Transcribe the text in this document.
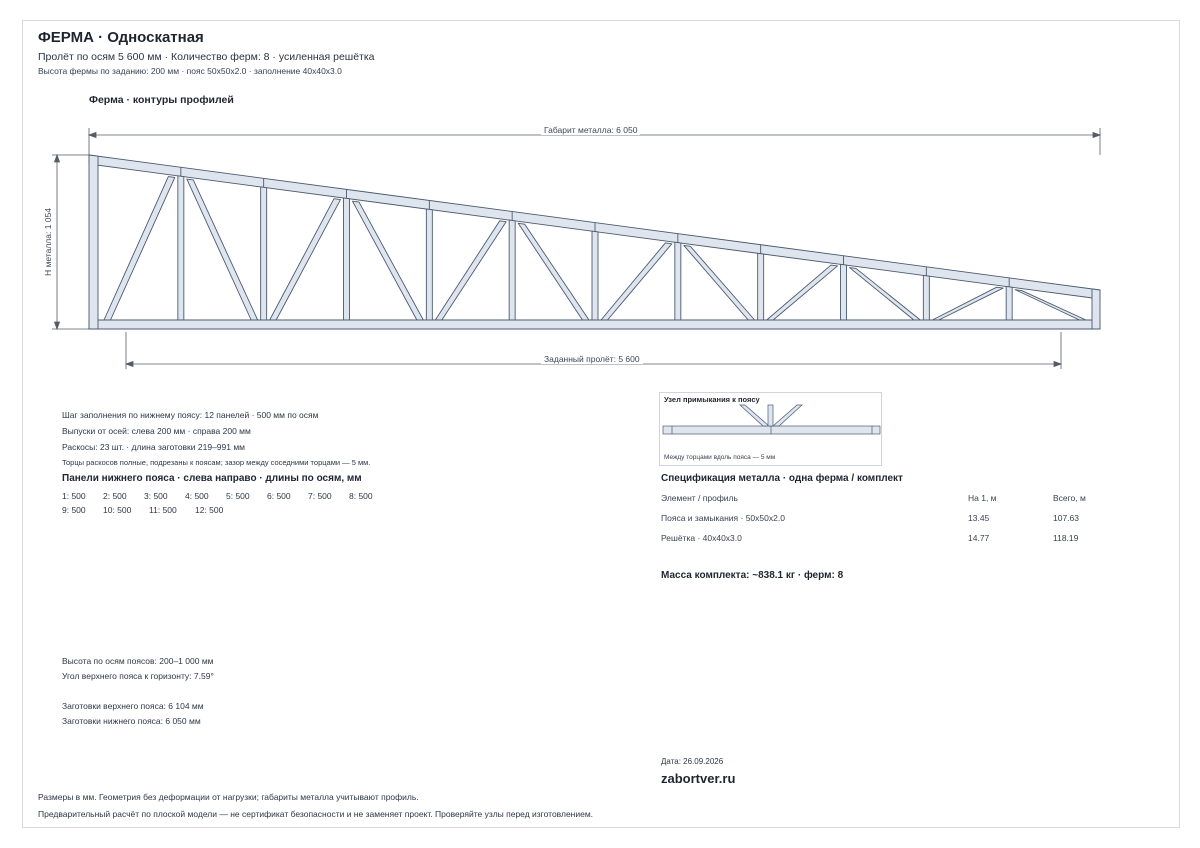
ФЕРМА · Односкатная
Пролёт по осям 5 600 мм · Количество ферм: 8 · усиленная решётка
Высота фермы по заданию: 200 мм · пояс 50x50x2.0 · заполнение 40x40x3.0
Ферма · контуры профилей
Габарит металла: 6 050
Н металла: 1 054
Заданный пролёт: 5 600
Шаг заполнения по нижнему поясу: 12 панелей · 500 мм по осям
Выпуски от осей: слева 200 мм · справа 200 мм
Раскосы: 23 шт. · длина заготовки 219–991 мм
Торцы раскосов полные, подрезаны к поясам; зазор между соседними торцами — 5 мм.
Панели нижнего пояса · слева направо · длины по осям, мм
1: 500 2: 500 3: 500 4: 500 5: 500 6: 500 7: 500 8: 500
9: 500 10: 500 11: 500 12: 500
Узел примыкания к поясу
Между торцами вдоль пояса — 5 мм
Спецификация металла · одна ферма / комплект
Элемент / профиль	На 1, м	Всего, м
Пояса и замыкания · 50x50x2.0	13.45	107.63
Решётка · 40x40x3.0	14.77	118.19
Масса комплекта: ~838.1 кг · ферм: 8
Высота по осям поясов: 200–1 000 мм
Угол верхнего пояса к горизонту: 7.59°
Заготовки верхнего пояса: 6 104 мм
Заготовки нижнего пояса: 6 050 мм
Дата: 26.09.2026
zabortver.ru
Размеры в мм. Геометрия без деформации от нагрузки; габариты металла учитывают профиль.
Предварительный расчёт по плоской модели — не сертификат безопасности и не заменяет проект. Проверяйте узлы перед изготовлением.
